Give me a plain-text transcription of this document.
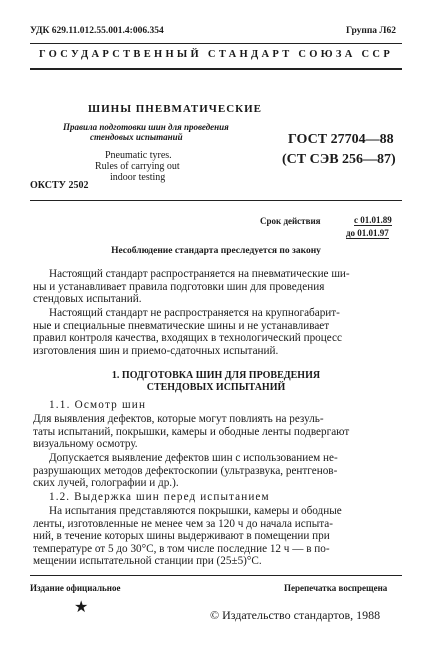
УДК 629.11.012.55.001.4:006.354	Группа Л62
ГОСУДАРСТВЕННЫЙ СТАНДАРТ СОЮЗА ССР
ШИНЫ ПНЕВМАТИЧЕСКИЕ
Правила подготовки шин для проведения
стендовых испытаний
Pneumatic tyres.
Rules of carrying out
indoor testing
ГОСТ 27704—88
(СТ СЭВ 256—87)
ОКСТУ 2502
Срок действия	с 01.01.89
до 01.01.97
Несоблюдение стандарта преследуется по закону
Настоящий стандарт распространяется на пневматические ши-
ны и устанавливает правила подготовки шин для проведения
стендовых испытаний.
Настоящий стандарт не распространяется на крупногабарит-
ные и специальные пневматические шины и не устанавливает
правил контроля качества, входящих в технологический процесс
изготовления шин и приемо-сдаточных испытаний.
1. ПОДГОТОВКА ШИН ДЛЯ ПРОВЕДЕНИЯ
СТЕНДОВЫХ ИСПЫТАНИЙ
1.1. Осмотр шин
Для выявления дефектов, которые могут повлиять на резуль-
таты испытаний, покрышки, камеры и ободные ленты подвергают
визуальному осмотру.
Допускается выявление дефектов шин с использованием не-
разрушающих методов дефектоскопии (ультразвука, рентгенов-
ских лучей, голографии и др.).
1.2. Выдержка шин перед испытанием
На испытания представляются покрышки, камеры и ободные
ленты, изготовленные не менее чем за 120 ч до начала испыта-
ний, в течение которых шины выдерживают в помещении при
температуре от 5 до 30°С, в том числе последние 12 ч — в по-
мещении испытательной станции при (25±5)°С.
Издание официальное	Перепечатка воспрещена
★	© Издательство стандартов, 1988
